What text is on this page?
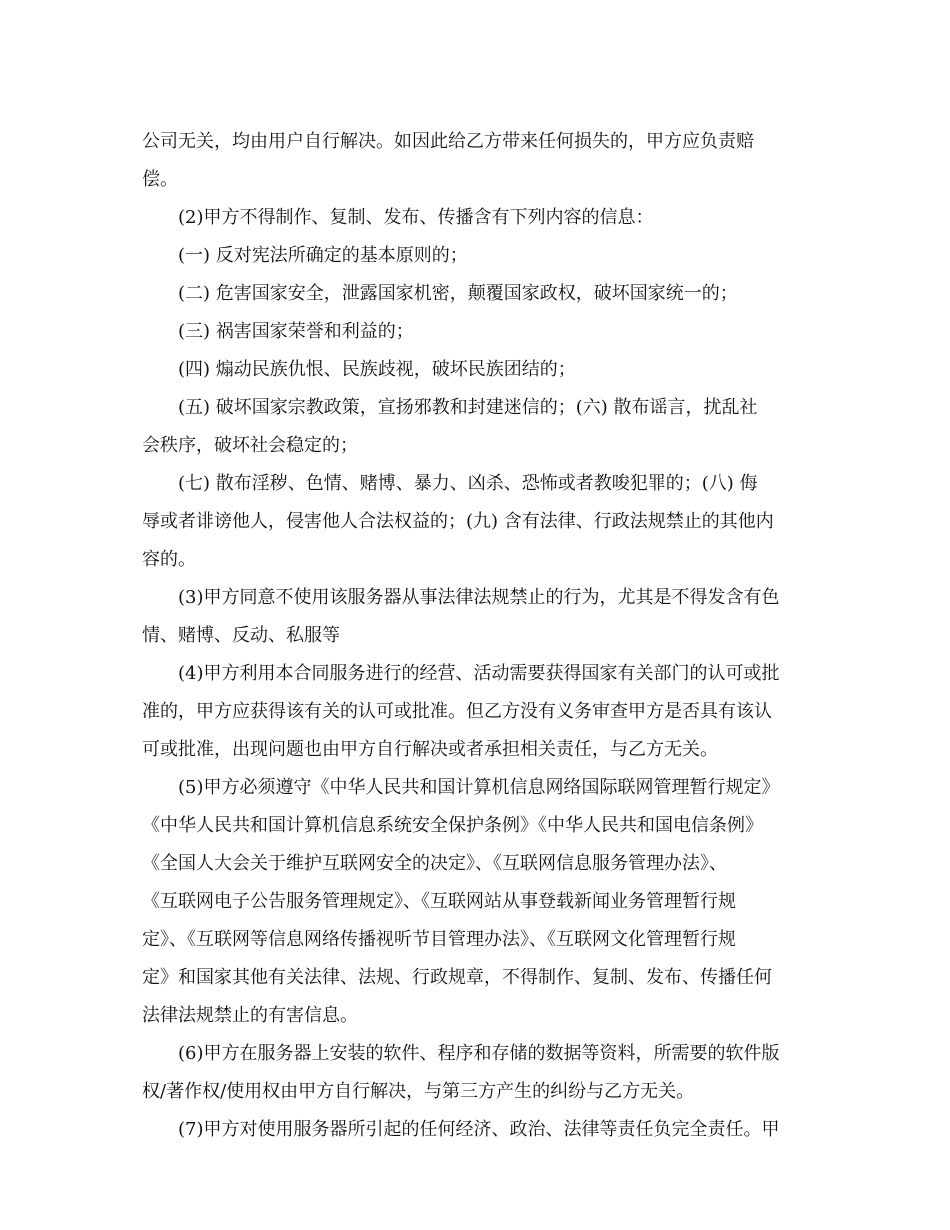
公司无关，均由用户自行解决。如因此给乙方带来任何损失的，甲方应负责赔

偿。

(2)甲方不得制作、复制、发布、传播含有下列内容的信息：

(一) 反对宪法所确定的基本原则的；

(二) 危害国家安全，泄露国家机密，颠覆国家政权，破坏国家统一的；

(三) 祸害国家荣誉和利益的；

(四) 煽动民族仇恨、民族歧视，破坏民族团结的；

(五) 破坏国家宗教政策，宣扬邪教和封建迷信的；(六) 散布谣言，扰乱社

会秩序，破坏社会稳定的；

(七) 散布淫秽、色情、赌博、暴力、凶杀、恐怖或者教唆犯罪的；(八) 侮

辱或者诽谤他人，侵害他人合法权益的；(九) 含有法律、行政法规禁止的其他内

容的。

(3)甲方同意不使用该服务器从事法律法规禁止的行为，尤其是不得发含有色

情、赌博、反动、私服等

(4)甲方利用本合同服务进行的经营、活动需要获得国家有关部门的认可或批

准的，甲方应获得该有关的认可或批准。但乙方没有义务审查甲方是否具有该认

可或批准，出现问题也由甲方自行解决或者承担相关责任，与乙方无关。

(5)甲方必须遵守《中华人民共和国计算机信息网络国际联网管理暂行规定》

《中华人民共和国计算机信息系统安全保护条例》《中华人民共和国电信条例》

《全国人大会关于维护互联网安全的决定》、《互联网信息服务管理办法》、

《互联网电子公告服务管理规定》、《互联网站从事登载新闻业务管理暂行规

定》、《互联网等信息网络传播视听节目管理办法》、《互联网文化管理暂行规

定》和国家其他有关法律、法规、行政规章，不得制作、复制、发布、传播任何

法律法规禁止的有害信息。

(6)甲方在服务器上安装的软件、程序和存储的数据等资料，所需要的软件版

权/著作权/使用权由甲方自行解决，与第三方产生的纠纷与乙方无关。

(7)甲方对使用服务器所引起的任何经济、政治、法律等责任负完全责任。甲
